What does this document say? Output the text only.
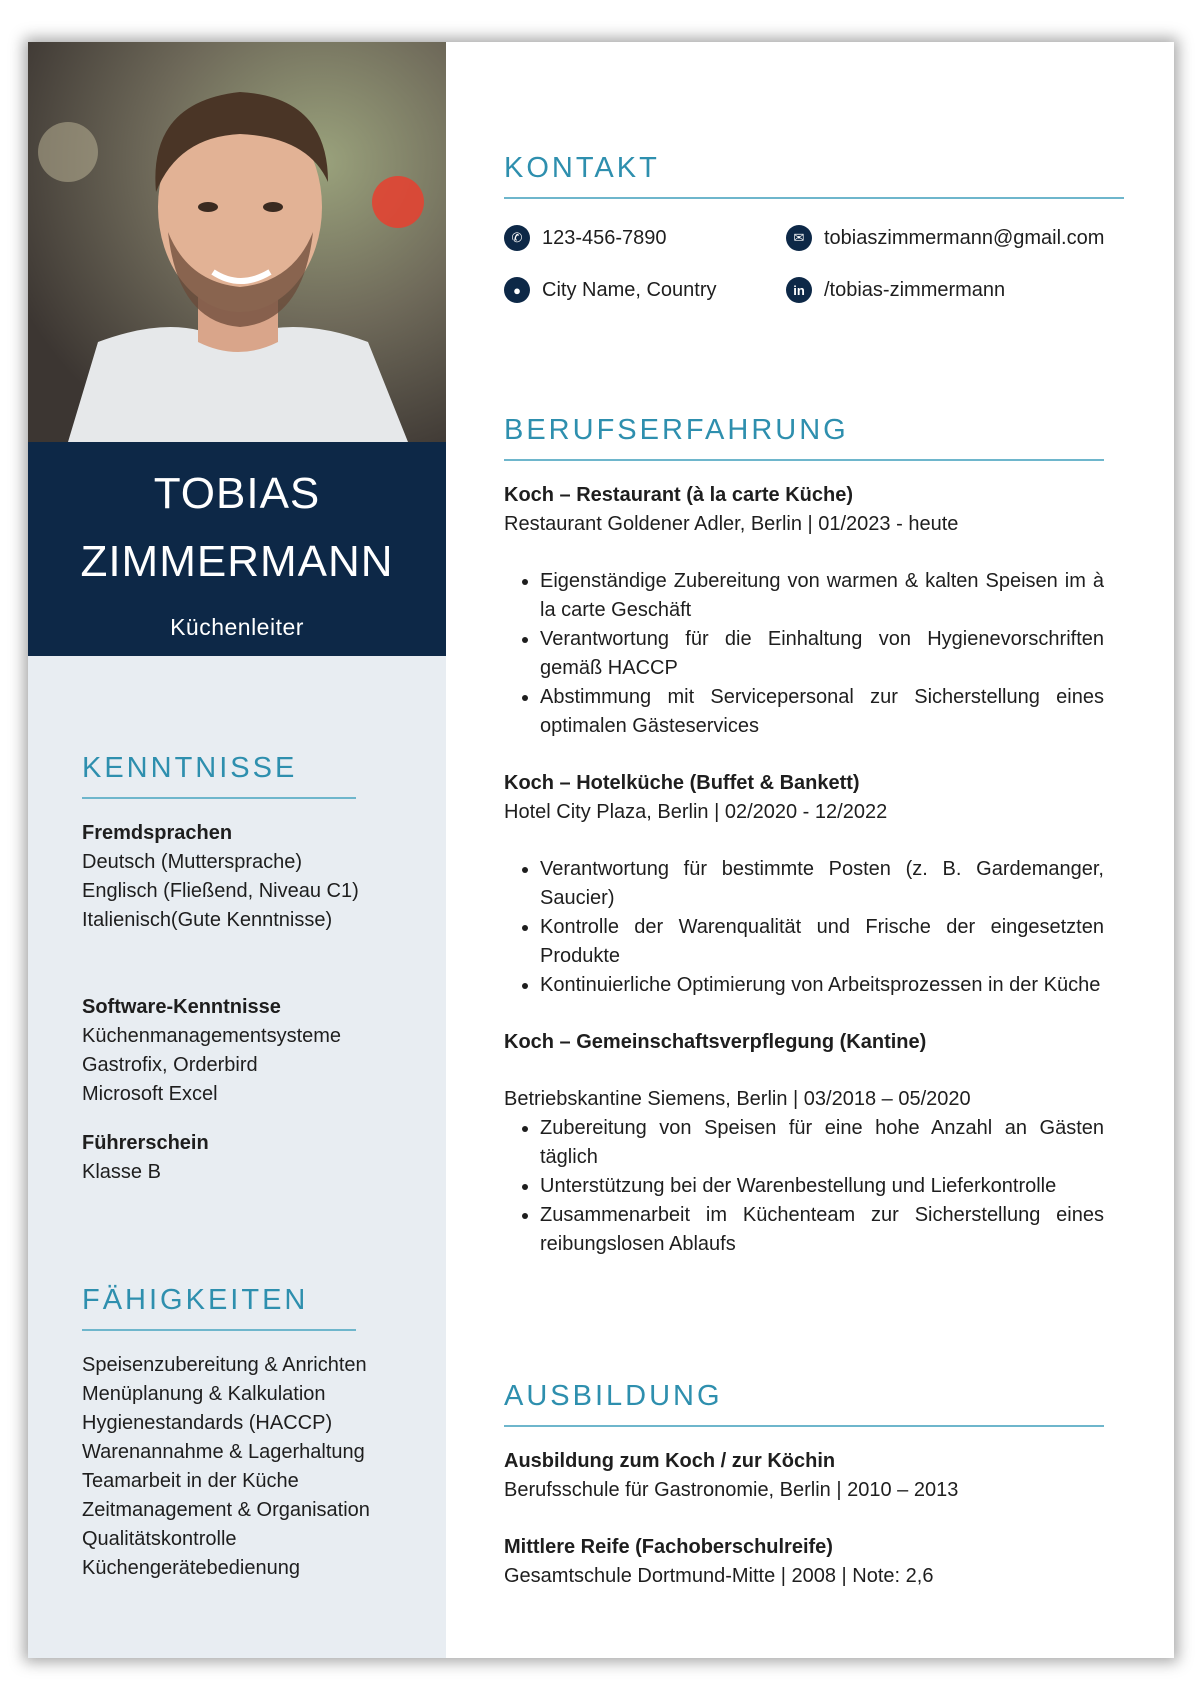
TOBIAS
ZIMMERMANN
Küchenleiter
KENNTNISSE
Fremdsprachen
Deutsch (Muttersprache)
Englisch (Fließend, Niveau C1)
Italienisch(Gute Kenntnisse)
Software-Kenntnisse
Küchenmanagementsysteme
Gastrofix, Orderbird
Microsoft Excel
Führerschein
Klasse B
FÄHIGKEITEN
Speisenzubereitung & Anrichten
Menüplanung & Kalkulation
Hygienestandards (HACCP)
Warenannahme & Lagerhaltung
Teamarbeit in der Küche
Zeitmanagement & Organisation
Qualitätskontrolle
Küchengerätebedienung
KONTAKT
✆ 123-456-7890	✉ tobiaszimmermann@gmail.com
●	City Name, Country	in /tobias-zimmermann
BERUFSERFAHRUNG
Koch – Restaurant (à la carte Küche)
Restaurant Goldener Adler, Berlin | 01/2023 - heute
• Eigenständige Zubereitung von warmen & kalten Speisen im à la carte Geschäft
• Verantwortung für die Einhaltung von Hygienevorschriften gemäß HACCP
• Abstimmung mit Servicepersonal zur Sicherstellung eines optimalen Gästeservices
Koch – Hotelküche (Buffet & Bankett)
Hotel City Plaza, Berlin | 02/2020 - 12/2022
• Verantwortung für bestimmte Posten (z. B. Gardemanger, Saucier)
• Kontrolle der Warenqualität und Frische der eingesetzten Produkte
• Kontinuierliche Optimierung von Arbeitsprozessen in der Küche
Koch – Gemeinschaftsverpflegung (Kantine)
Betriebskantine Siemens, Berlin | 03/2018 – 05/2020
• Zubereitung von Speisen für eine hohe Anzahl an Gästen täglich
• Unterstützung bei der Warenbestellung und Lieferkontrolle
• Zusammenarbeit im Küchenteam zur Sicherstellung eines reibungslosen Ablaufs
AUSBILDUNG
Ausbildung zum Koch / zur Köchin
Berufsschule für Gastronomie, Berlin | 2010 – 2013
Mittlere Reife (Fachoberschulreife)
Gesamtschule Dortmund-Mitte | 2008 | Note: 2,6
